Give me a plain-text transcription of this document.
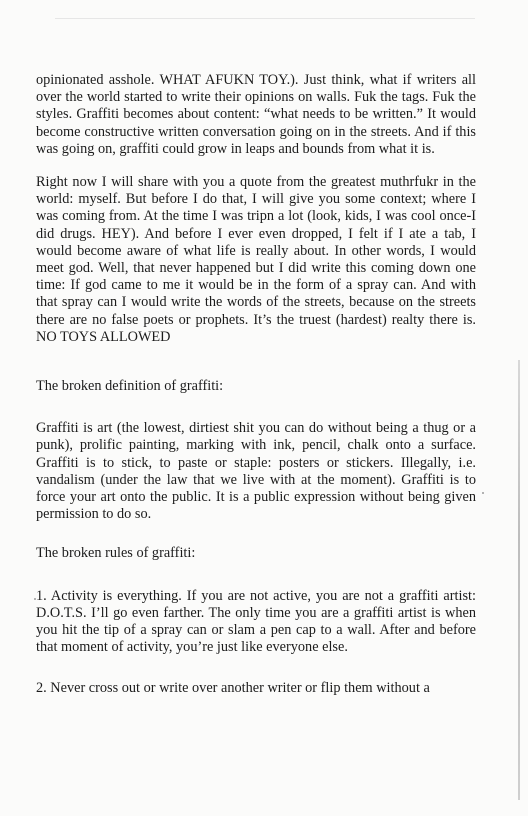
opinionated asshole. WHAT AFUKN TOY.). Just think, what if writers all over the world started to write their opinions on walls. Fuk the tags. Fuk the styles. Graffiti becomes about content: “what needs to be written.” It would become constructive written conversation going on in the streets. And if this was going on, graffiti could grow in leaps and bounds from what it is.

Right now I will share with you a quote from the greatest muthrfukr in the world: myself. But before I do that, I will give you some context; where I was coming from. At the time I was tripn a lot (look, kids, I was cool once-I did drugs. HEY). And before I ever even dropped, I felt if I ate a tab, I would become aware of what life is really about. In other words, I would meet god. Well, that never happened but I did write this coming down one time: If god came to me it would be in the form of a spray can. And with that spray can I would write the words of the streets, because on the streets there are no false poets or prophets. It’s the truest (hardest) realty there is. NO TOYS ALLOWED

The broken definition of graffiti:

Graffiti is art (the lowest, dirtiest shit you can do without being a thug or a punk), prolific painting, marking with ink, pencil, chalk onto a surface. Graffiti is to stick, to paste or staple: posters or stickers. Illegally, i.e. vandalism (under the law that we live with at the moment). Graffiti is to force your art onto the public. It is a public expression without being given permission to do so.

The broken rules of graffiti:

1. Activity is everything. If you are not active, you are not a graffiti artist: D.O.T.S. I’ll go even farther. The only time you are a graffiti artist is when you hit the tip of a spray can or slam a pen cap to a wall. After and before that moment of activity, you’re just like everyone else.

2. Never cross out or write over another writer or flip them without a
